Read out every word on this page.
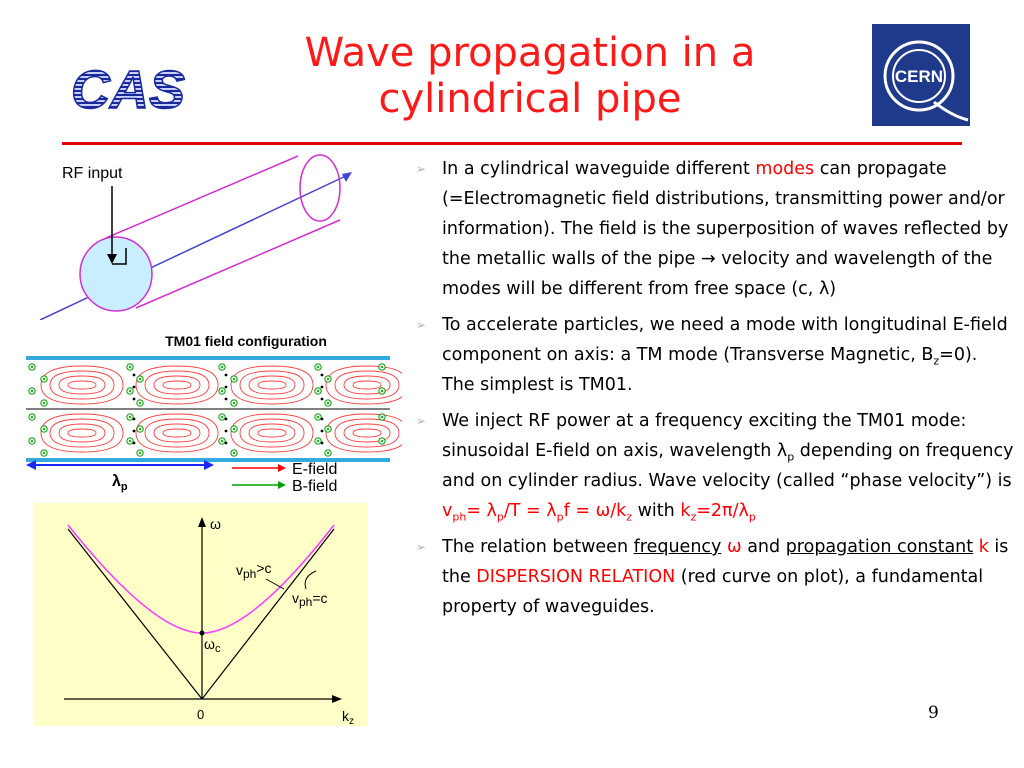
Wave propagation in a cylindrical pipe
CAS	CERN
RF input
TM01 field configuration
$\lambda_p$
E-field
B-field
ω
$k_z$
0
$\omega_c$
vph>c
vph=c
➢ In a cylindrical waveguide different modes can propagate (=Electromagnetic field distributions, transmitting power and/or information). The field is the superposition of waves reflected by the metallic walls of the pipe → velocity and wavelength of the modes will be different from free space (c, λ)
➢ To accelerate particles, we need a mode with longitudinal E-field component on axis: a TM mode (Transverse Magnetic, $B_z=0$). The simplest is TM01.
➢ We inject RF power at a frequency exciting the TM01 mode: sinusoidal E-field on axis, wavelength $\lambda_p$ depending on frequency and on cylinder radius. Wave velocity (called “phase velocity”) is $v_{ph}= \lambda_p/T = \lambda_pf = \omega/k_z$ with $k_z=2\pi/\lambda_p$
➢ The relation between frequency ω and propagation constant k is the DISPERSION RELATION (red curve on plot), a fundamental property of waveguides.
9
